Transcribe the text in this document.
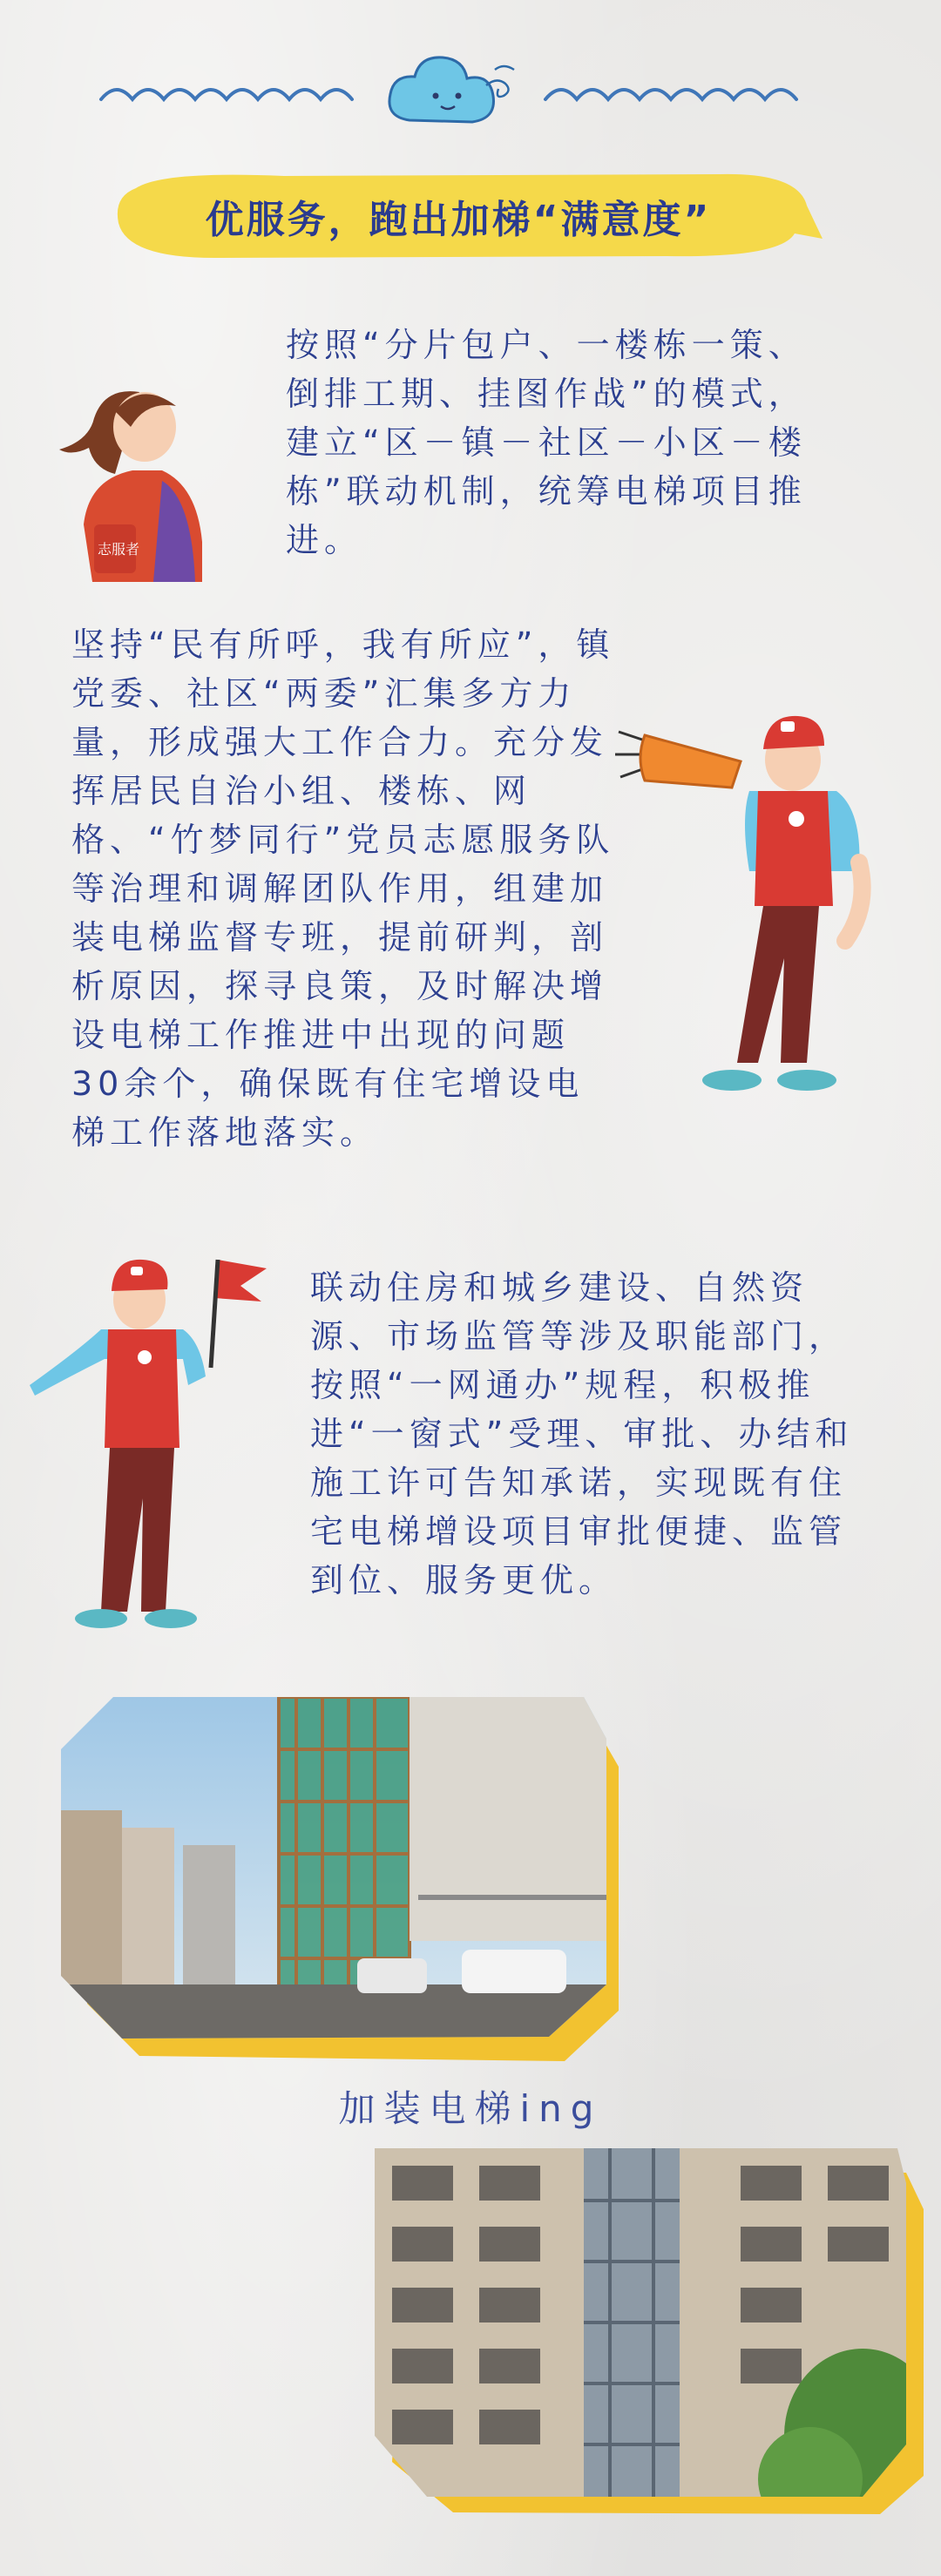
优服务，跑出加梯“满意度”
志服者
按照“分片包户、一楼栋一策、倒排工期、挂图作战”的模式，建立“区－镇－社区－小区－楼栋”联动机制，统筹电梯项目推进。
坚持“民有所呼，我有所应”，镇党委、社区“两委”汇集多方力量，形成强大工作合力。充分发挥居民自治小组、楼栋、网格、“竹梦同行”党员志愿服务队等治理和调解团队作用，组建加装电梯监督专班，提前研判，剖析原因，探寻良策，及时解决增设电梯工作推进中出现的问题30余个，确保既有住宅增设电梯工作落地落实。
联动住房和城乡建设、自然资源、市场监管等涉及职能部门，按照“一网通办”规程，积极推进“一窗式”受理、审批、办结和施工许可告知承诺，实现既有住宅电梯增设项目审批便捷、监管到位、服务更优。
加装电梯ing
